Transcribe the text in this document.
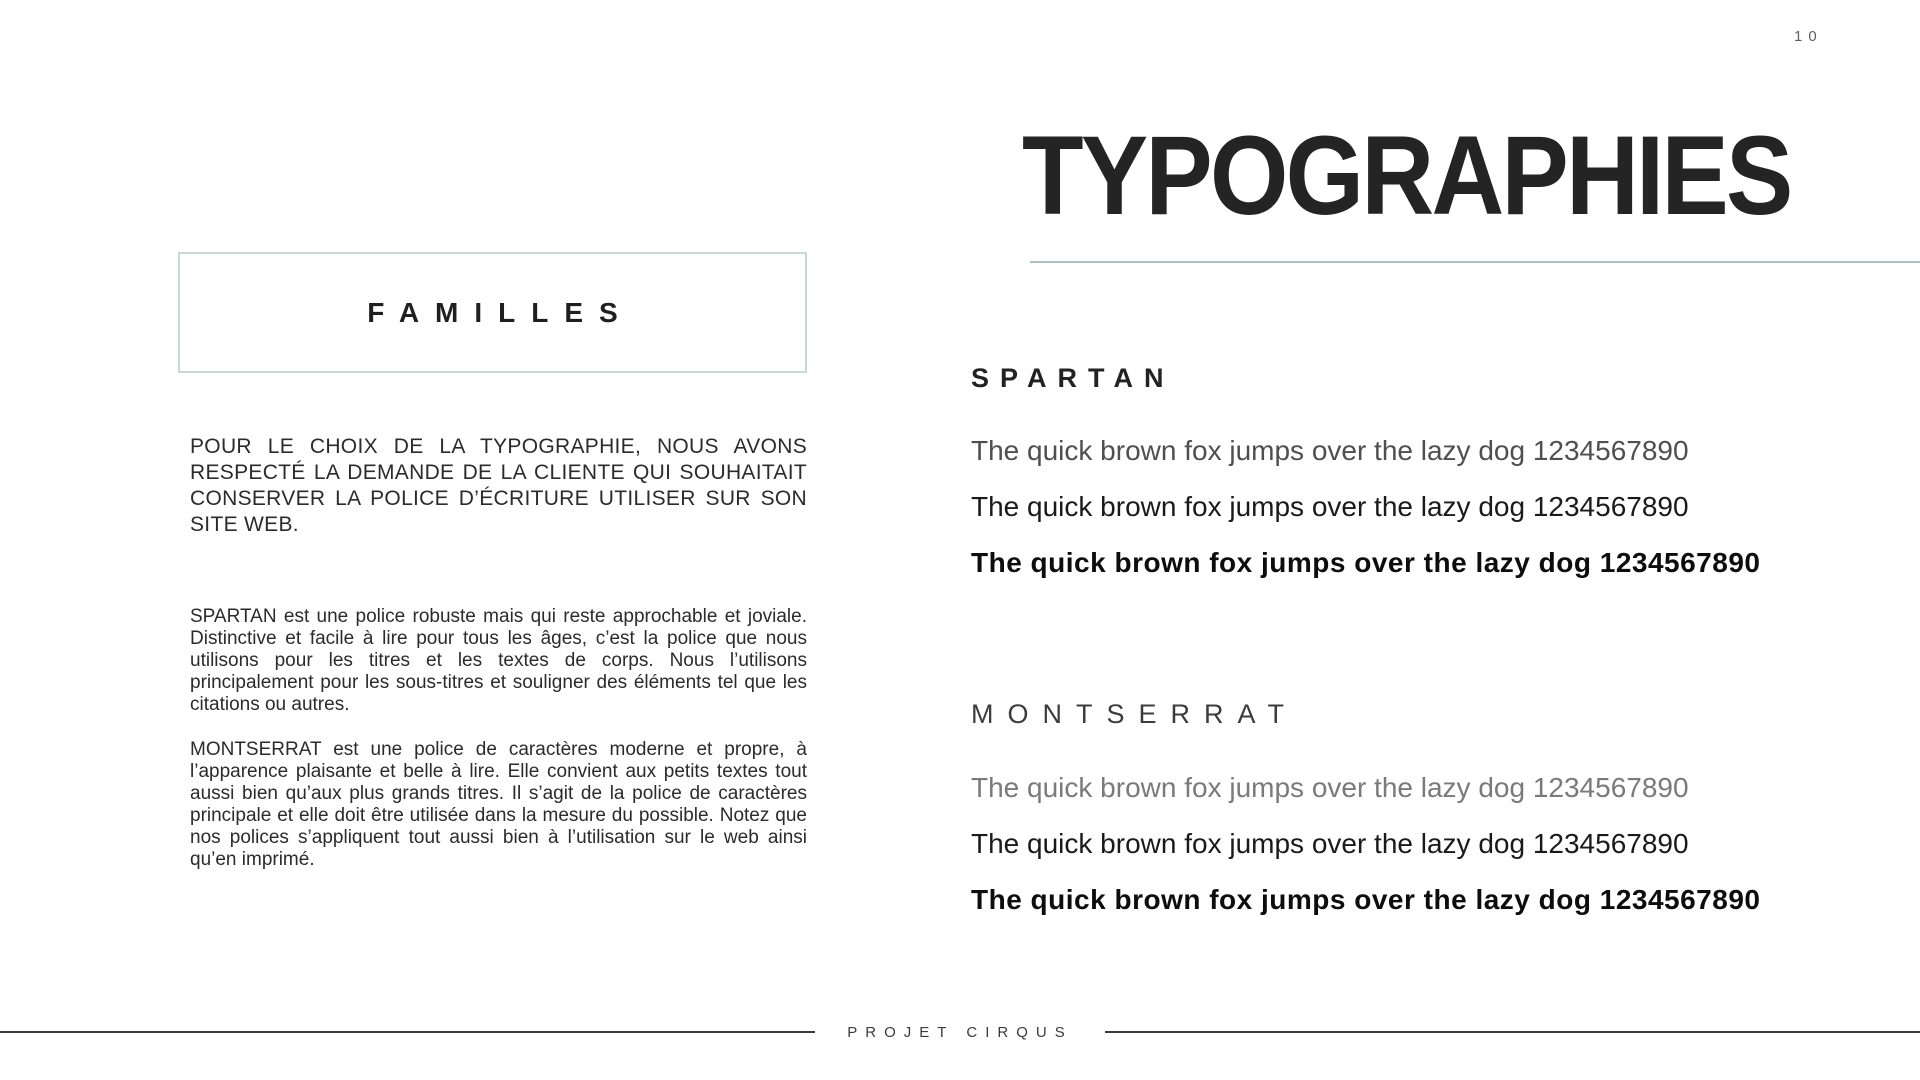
10
TYPOGRAPHIES
SPARTAN
The quick brown fox jumps over the lazy dog 1234567890
The quick brown fox jumps over the lazy dog 1234567890
The quick brown fox jumps over the lazy dog 1234567890
MONTSERRAT
The quick brown fox jumps over the lazy dog 1234567890
The quick brown fox jumps over the lazy dog 1234567890
The quick brown fox jumps over the lazy dog 1234567890
FAMILLES

POUR LE CHOIX DE LA TYPOGRAPHIE, NOUS AVONS RESPECTÉ LA DEMANDE DE LA CLIENTE QUI SOUHAITAIT CONSERVER LA POLICE D’ÉCRITURE UTILISER SUR SON SITE WEB.

SPARTAN est une police robuste mais qui reste approchable et joviale. Distinctive et facile à lire pour tous les âges, c’est la police que nous utilisons pour les titres et les textes de corps. Nous l’utilisons principalement pour les sous-titres et souligner des éléments tel que les citations ou autres.

MONTSERRAT est une police de caractères moderne et propre, à l’apparence plaisante et belle à lire. Elle convient aux petits textes tout aussi bien qu’aux plus grands titres. Il s’agit de la police de caractères principale et elle doit être utilisée dans la mesure du possible. Notez que nos polices s’appliquent tout aussi bien à l’utilisation sur le web ainsi qu’en imprimé.

PROJET CIRQUS
